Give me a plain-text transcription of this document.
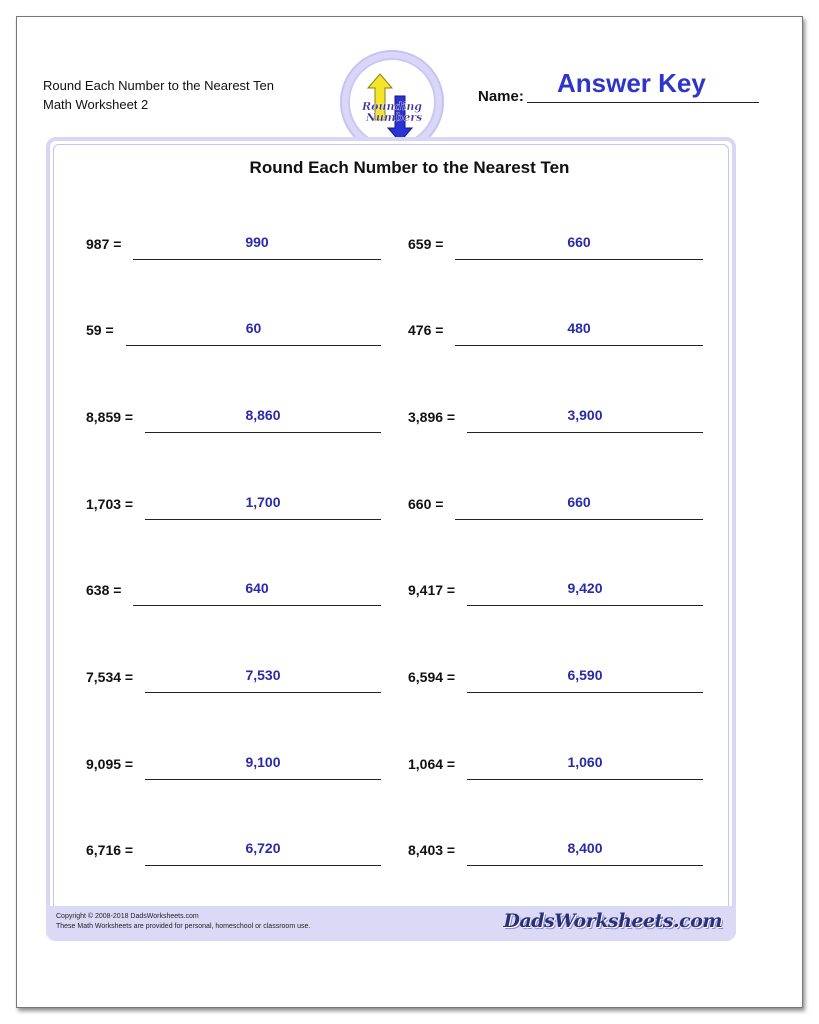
Round Each Number to the Nearest Ten
Math Worksheet 2	Rounding
Numbers
Name: Answer Key
Round Each Number to the Nearest Ten
987 =	990
59 =	60
8,859 =	8,860
1,703 =	1,700
638 =	640
7,534 =	7,530
9,095 =	9,100
6,716 =	6,720
659 =	660
476 =	480
3,896 =	3,900
660 =	660
9,417 =	9,420
6,594 =	6,590
1,064 =	1,060
8,403 =	8,400
Copyright © 2008-2018 DadsWorksheets.com
These Math Worksheets are provided for personal, homeschool or classroom use.	DadsWorksheets.com
